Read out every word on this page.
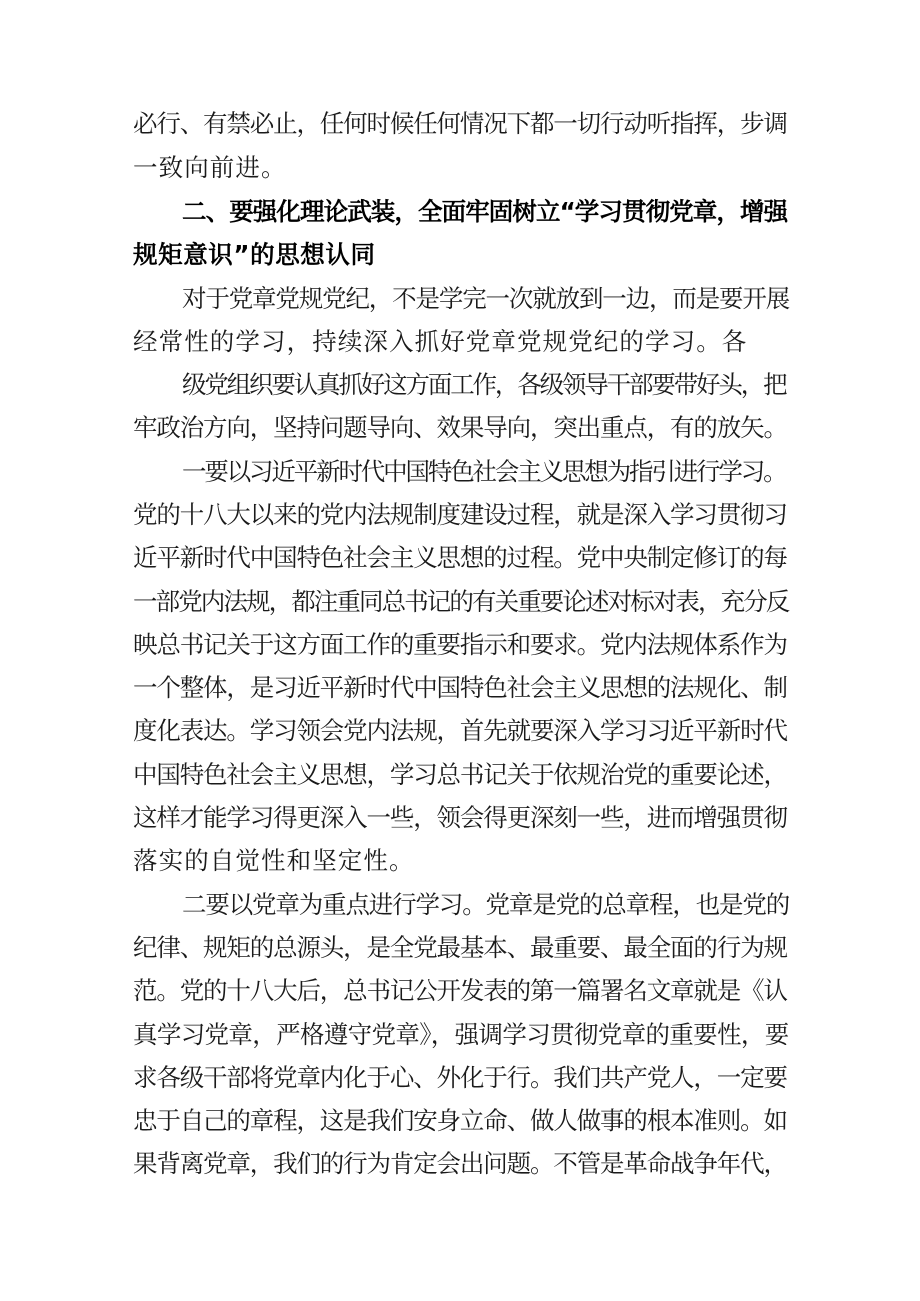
必行、有禁必止，任何时候任何情况下都一切行动听指挥，步调

一致向前进。

二、要强化理论武装，全面牢固树立“学习贯彻党章，增强

规矩意识”的思想认同

对于党章党规党纪，不是学完一次就放到一边，而是要开展

经常性的学习，持续深入抓好党章党规党纪的学习。各

级党组织要认真抓好这方面工作，各级领导干部要带好头，把

牢政治方向，坚持问题导向、效果导向，突出重点，有的放矢。

一要以习近平新时代中国特色社会主义思想为指引进行学习。

党的十八大以来的党内法规制度建设过程，就是深入学习贯彻习

近平新时代中国特色社会主义思想的过程。党中央制定修订的每

一部党内法规，都注重同总书记的有关重要论述对标对表，充分反

映总书记关于这方面工作的重要指示和要求。党内法规体系作为

一个整体，是习近平新时代中国特色社会主义思想的法规化、制

度化表达。学习领会党内法规，首先就要深入学习习近平新时代

中国特色社会主义思想，学习总书记关于依规治党的重要论述，

这样才能学习得更深入一些，领会得更深刻一些，进而增强贯彻

落实的自觉性和坚定性。

二要以党章为重点进行学习。党章是党的总章程，也是党的

纪律、规矩的总源头，是全党最基本、最重要、最全面的行为规

范。党的十八大后，总书记公开发表的第一篇署名文章就是《认

真学习党章，严格遵守党章》，强调学习贯彻党章的重要性，要

求各级干部将党章内化于心、外化于行。我们共产党人，一定要

忠于自己的章程，这是我们安身立命、做人做事的根本准则。如

果背离党章，我们的行为肯定会出问题。不管是革命战争年代，
